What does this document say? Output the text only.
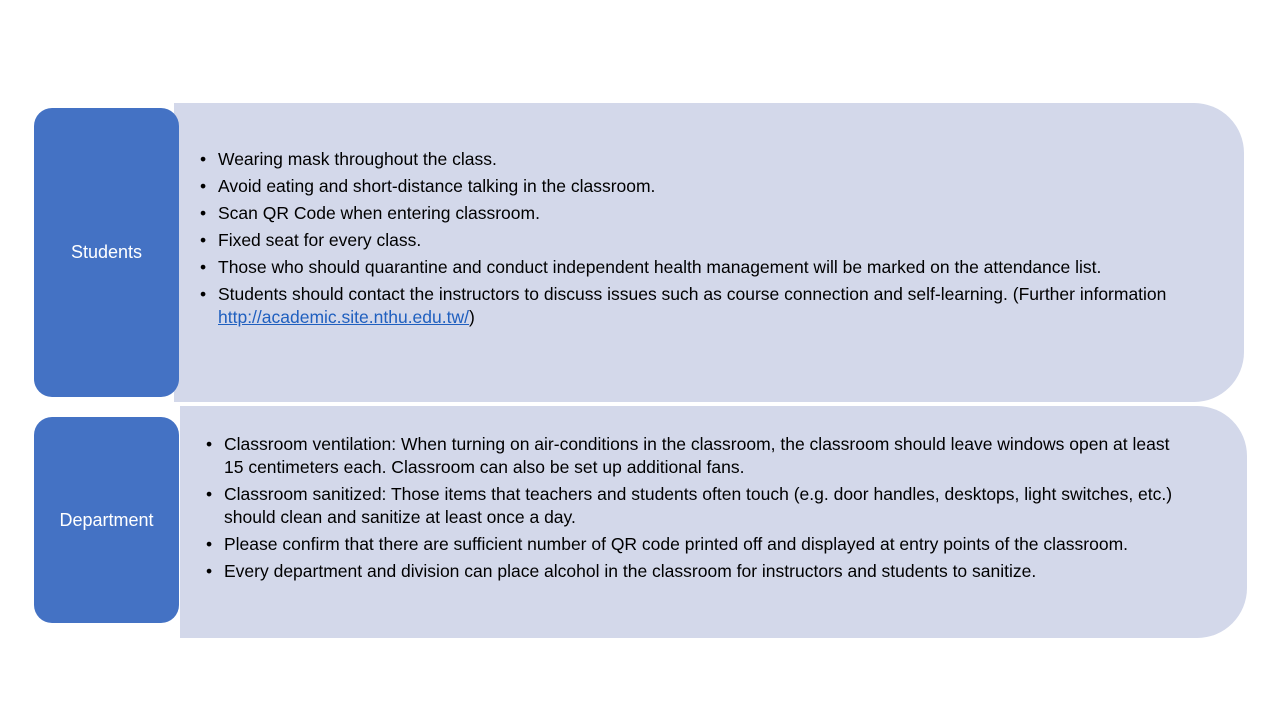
• Wearing mask throughout the class.
• Avoid eating and short-distance talking in the classroom.
• Scan QR Code when entering classroom.
• Fixed seat for every class.
• Those who should quarantine and conduct independent health management will be marked on the attendance list.
• Students should contact the instructors to discuss issues such as course connection and self-learning. (Further information http://academic.site.nthu.edu.tw/)
Students
• Classroom ventilation: When turning on air-conditions in the classroom, the classroom should leave windows open at least 15 centimeters each. Classroom can also be set up additional fans.
• Classroom sanitized: Those items that teachers and students often touch (e.g. door handles, desktops, light switches, etc.) should clean and sanitize at least once a day.
• Please confirm that there are sufficient number of QR code printed off and displayed at entry points of the classroom.
• Every department and division can place alcohol in the classroom for instructors and students to sanitize.
Department
